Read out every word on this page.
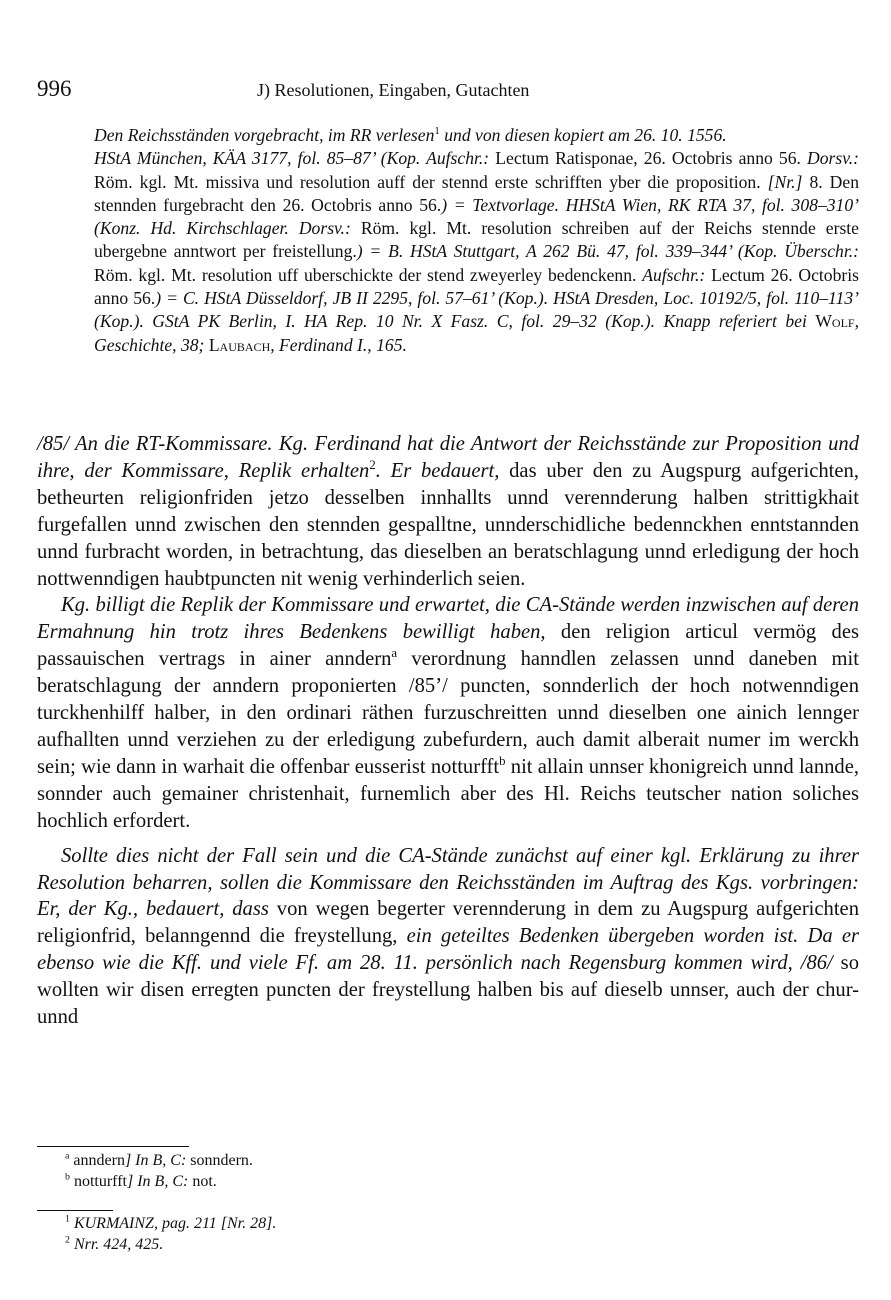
996	J) Resolutionen, Eingaben, Gutachten

Den Reichsständen vorgebracht, im RR verlesen$^1$ und von diesen kopiert am 26. 10. 1556.

HStA München, KÄA 3177, fol. 85–87’ (Kop. Aufschr.: Lectum Ratisponae, 26. Octobris anno 56. Dorsv.: Röm. kgl. Mt. missiva und resolution auff der stennd erste schrifften yber die proposition. [Nr.] 8. Den stennden furgebracht den 26. Octobris anno 56.) = Textvorlage. HHStA Wien, RK RTA 37, fol. 308–310’ (Konz. Hd. Kirchschlager. Dorsv.: Röm. kgl. Mt. resolution schreiben auf der Reichs stennde erste ubergebne anntwort per freistellung.) = B. HStA Stuttgart, A 262 Bü. 47, fol. 339–344’ (Kop. Überschr.: Röm. kgl. Mt. resolution uff uberschickte der stend zweyerley bedenckenn. Aufschr.: Lectum 26. Octobris anno 56.) = C. HStA Düsseldorf, JB II 2295, fol. 57–61’ (Kop.). HStA Dresden, Loc. 10192/5, fol. 110–113’ (Kop.). GStA PK Berlin, I. HA Rep. 10 Nr. X Fasz. C, fol. 29–32 (Kop.). Knapp referiert bei Wolf, Geschichte, 38; Laubach, Ferdinand I., 165.

/85/ An die RT-Kommissare. Kg. Ferdinand hat die Antwort der Reichsstände zur Proposition und ihre, der Kommissare, Replik erhalten$^2$. Er bedauert, das uber den zu Augspurg aufgerichten, betheurten religionfriden jetzo desselben innhallts unnd verennderung halben strittigkhait furgefallen unnd zwischen den stennden gespalltne, unnderschidliche bedennckhen enntstannden unnd furbracht worden, in betrachtung, das dieselben an beratschlagung unnd erledigung der hoch nottwenndigen haubtpuncten nit wenig verhinderlich seien.

Kg. billigt die Replik der Kommissare und erwartet, die CA-Stände werden inzwischen auf deren Ermahnung hin trotz ihres Bedenkens bewilligt haben, den religion articul vermög des passauischen vertrags in ainer anndern$^a$ verordnung hanndlen zelassen unnd daneben mit beratschlagung der anndern proponierten /85’/ puncten, sonnderlich der hoch notwenndigen turckhenhilff halber, in den ordinari räthen furzuschreitten unnd dieselben one ainich lennger aufhallten unnd verziehen zu der erledigung zubefurdern, auch damit alberait numer im werckh sein; wie dann in warhait die offenbar eusserist notturfft$^b$ nit allain unnser khonigreich unnd lannde, sonnder auch gemainer christenhait, furnemlich aber des Hl. Reichs teutscher nation soliches hochlich erfordert.

Sollte dies nicht der Fall sein und die CA-Stände zunächst auf einer kgl. Erklärung zu ihrer Resolution beharren, sollen die Kommissare den Reichsständen im Auftrag des Kgs. vorbringen: Er, der Kg., bedauert, dass von wegen begerter verennderung in dem zu Augspurg aufgerichten religionfrid, belanngennd die freystellung, ein geteiltes Bedenken übergeben worden ist. Da er ebenso wie die Kff. und viele Ff. am 28. 11. persönlich nach Regensburg kommen wird, /86/ so wollten wir disen erregten puncten der freystellung halben bis auf dieselb unnser, auch der chur- unnd

$^a$ anndern] In B, C: sonndern.

$^b$ notturfft] In B, C: not.

$^1$ KURMAINZ, pag. 211 [Nr. 28].

$^2$ Nrr. 424, 425.
